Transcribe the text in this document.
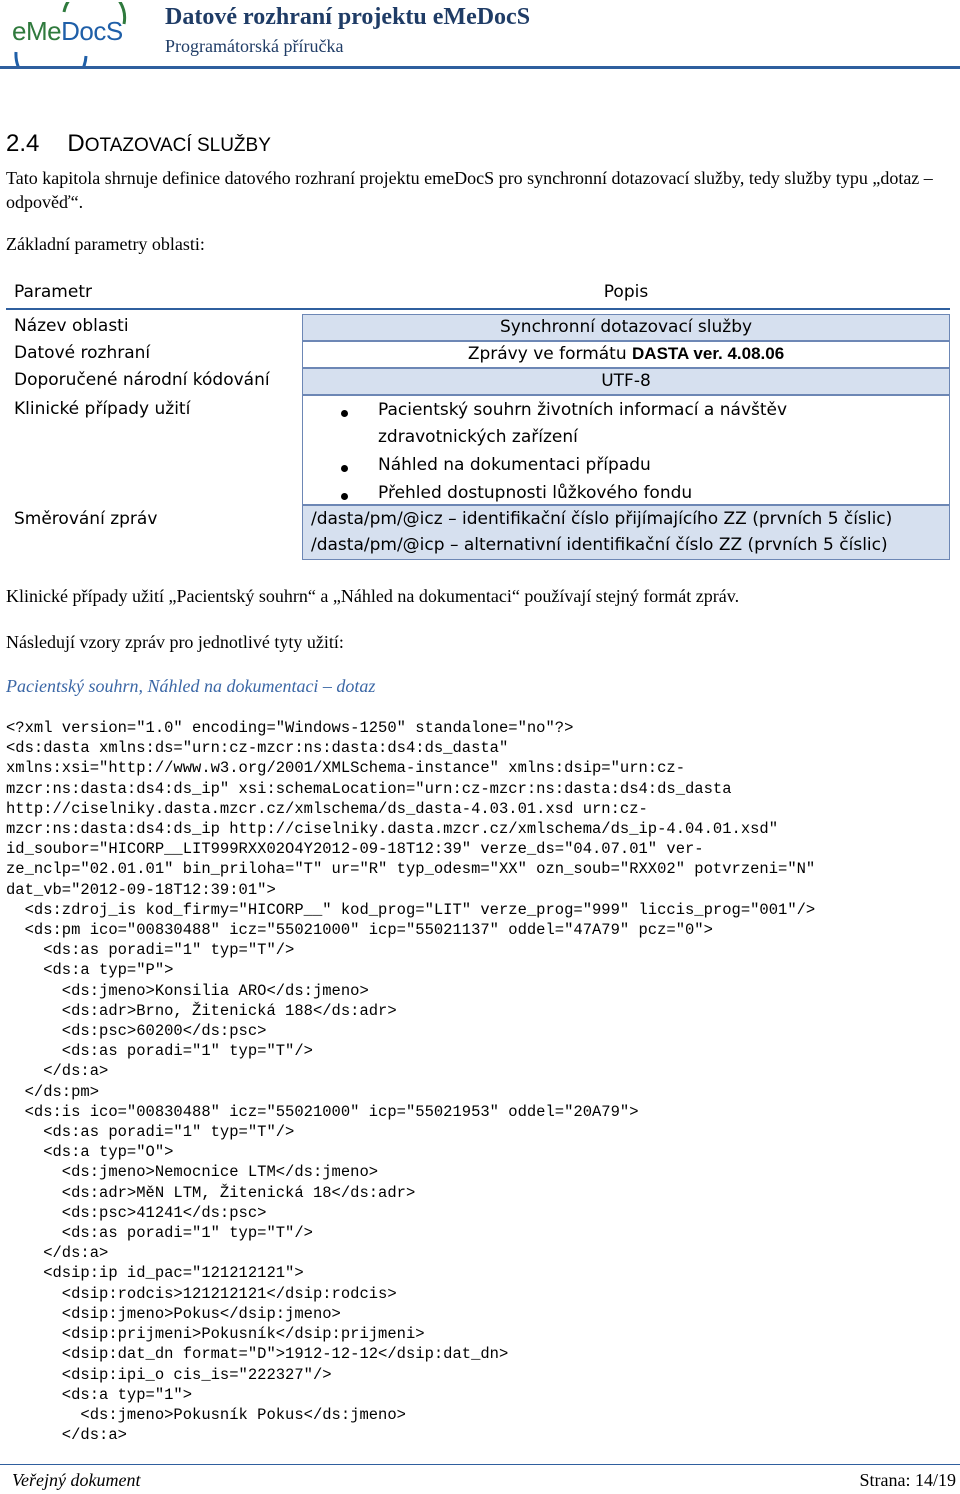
eMeDocS Datové rozhraní projektu eMeDocS
Programátorská příručka
2.4 DOTAZOVACÍ SLUŽBY
Tato kapitola shrnuje definice datového rozhraní projektu emeDocS pro synchronní dotazovací služby, tedy služby typu „dotaz – odpověď“.
Základní parametry oblasti:
Parametr	Popis
Název oblasti	Synchronní dotazovací služby
Datové rozhraní	Zprávy ve formátu DASTA ver. 4.08.06
Doporučené národní kódování	UTF-8
Klinické případy užití	Pacientský souhrn životních informací a návštěv
zdravotnických zařízení
Náhled na dokumentaci případu
Přehled dostupnosti lůžkového fondu
Směrování zpráv	/dasta/pm/@icz – identifikační číslo přijímajícího ZZ (prvních 5 číslic)
/dasta/pm/@icp – alternativní identifikační číslo ZZ (prvních 5 číslic)
Klinické případy užití „Pacientský souhrn“ a „Náhled na dokumentaci“ používají stejný formát zpráv.
Následují vzory zpráv pro jednotlivé tyty užití:
Pacientský souhrn, Náhled na dokumentaci – dotaz
<?xml version="1.0" encoding="Windows-1250" standalone="no"?>
<ds:dasta xmlns:ds="urn:cz-mzcr:ns:dasta:ds4:ds_dasta"
xmlns:xsi="http://www.w3.org/2001/XMLSchema-instance" xmlns:dsip="urn:cz-
mzcr:ns:dasta:ds4:ds_ip" xsi:schemaLocation="urn:cz-mzcr:ns:dasta:ds4:ds_dasta
http://ciselniky.dasta.mzcr.cz/xmlschema/ds_dasta-4.03.01.xsd urn:cz-
mzcr:ns:dasta:ds4:ds_ip http://ciselniky.dasta.mzcr.cz/xmlschema/ds_ip-4.04.01.xsd"
id_soubor="HICORP__LIT999RXX02O4Y2012-09-18T12:39" verze_ds="04.07.01" ver-
ze_nclp="02.01.01" bin_priloha="T" ur="R" typ_odesm="XX" ozn_soub="RXX02" potvrzeni="N"
dat_vb="2012-09-18T12:39:01">
<ds:zdroj_is kod_firmy="HICORP__" kod_prog="LIT" verze_prog="999" liccis_prog="001"/>
<ds:pm ico="00830488" icz="55021000" icp="55021137" oddel="47A79" pcz="0">
<ds:as poradi="1" typ="T"/>
<ds:a typ="P">
<ds:jmeno>Konsilia ARO</ds:jmeno>
<ds:adr>Brno, Žitenická 188</ds:adr>
<ds:psc>60200</ds:psc>
<ds:as poradi="1" typ="T"/>
</ds:a>
</ds:pm>
<ds:is ico="00830488" icz="55021000" icp="55021953" oddel="20A79">
<ds:as poradi="1" typ="T"/>
<ds:a typ="O">
<ds:jmeno>Nemocnice LTM</ds:jmeno>
<ds:adr>MěN LTM, Žitenická 18</ds:adr>
<ds:psc>41241</ds:psc>
<ds:as poradi="1" typ="T"/>
</ds:a>
<dsip:ip id_pac="121212121">
<dsip:rodcis>121212121</dsip:rodcis>
<dsip:jmeno>Pokus</dsip:jmeno>
<dsip:prijmeni>Pokusník</dsip:prijmeni>
<dsip:dat_dn format="D">1912-12-12</dsip:dat_dn>
<dsip:ipi_o cis_is="222327"/>
<ds:a typ="1">
<ds:jmeno>Pokusník Pokus</ds:jmeno>
</ds:a>
Veřejný dokument	Strana: 14/19
